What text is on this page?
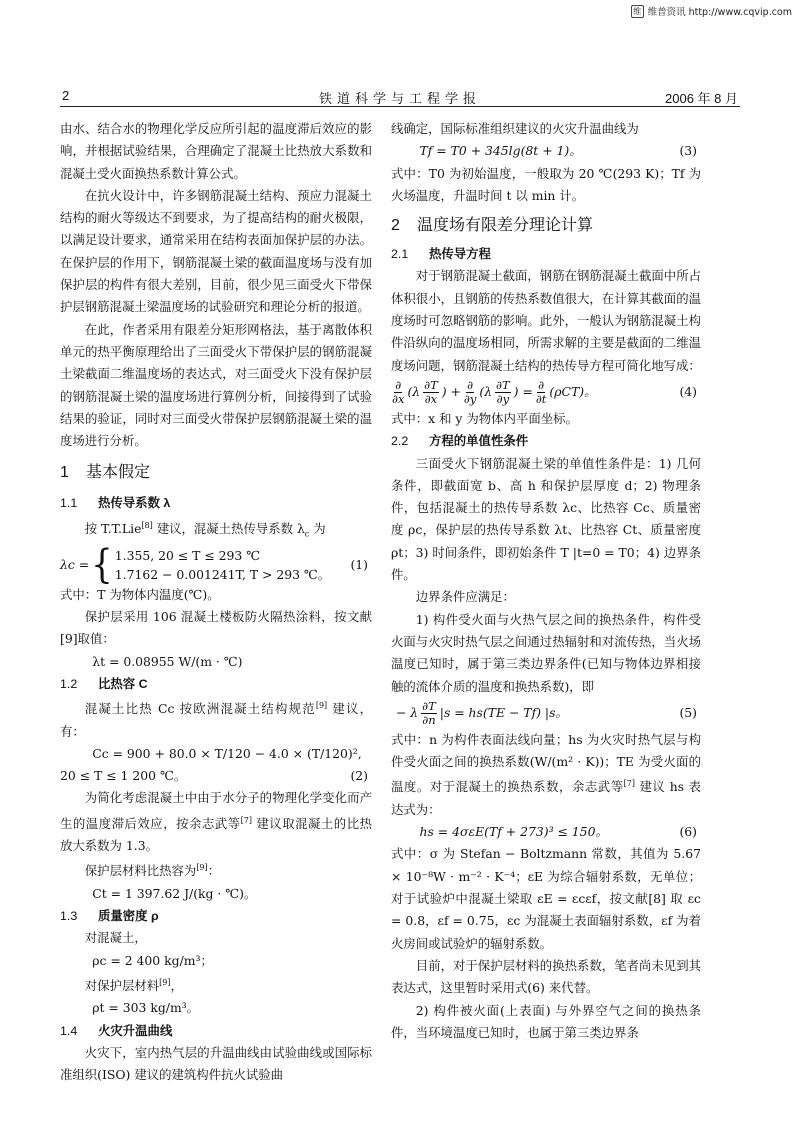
维 维普资讯 http://www.cqvip.com
2	铁道科学与工程学报	2006 年 8 月

由水、结合水的物理化学反应所引起的温度滞后效应的影响，并根据试验结果，合理确定了混凝土比热放大系数和混凝土受火面换热系数计算公式。

在抗火设计中，许多钢筋混凝土结构、预应力混凝土结构的耐火等级达不到要求，为了提高结构的耐火极限，以满足设计要求，通常采用在结构表面加保护层的办法。在保护层的作用下，钢筋混凝土梁的截面温度场与没有加保护层的构件有很大差别，目前，很少见三面受火下带保护层钢筋混凝土梁温度场的试验研究和理论分析的报道。

在此，作者采用有限差分矩形网格法，基于离散体积单元的热平衡原理给出了三面受火下带保护层的钢筋混凝土梁截面二维温度场的表达式，对三面受火下没有保护层的钢筋混凝土梁的温度场进行算例分析，间接得到了试验结果的验证，同时对三面受火带保护层钢筋混凝土梁的温度场进行分析。

1 基本假定
1.1 热传导系数 λ

按 T.T.Lie[8] 建议，混凝土热传导系数 $\lambda_c$ 为

λc = { 1.355, 20 ≤ T ≤ 293 ℃
1.7162 − 0.001241T, T > 293 ℃。
(1)

式中：T 为物体内温度(℃)。

保护层采用 106 混凝土楼板防火隔热涂料，按文献[9]取值：

λt = 0.08955 W/(m · ℃)

1.2 比热容 C

混凝土比热 Cc 按欧洲混凝土结构规范[9] 建议，有：

Cc = 900 + 80.0 × T/120 − 4.0 × (T/120)²,

20 ≤ T ≤ 1 200 ℃。	(2)

为简化考虑混凝土中由于水分子的物理化学变化而产生的温度滞后效应，按余志武等[7] 建议取混凝土的比热放大系数为 1.3。

保护层材料比热容为[9]：

Ct = 1 397.62 J/(kg · ℃)。

1.3 质量密度 ρ

对混凝土，

ρc = 2 400 kg/m³；

对保护层材料[9]，

ρt = 303 kg/m³。

1.4 火灾升温曲线

火灾下，室内热气层的升温曲线由试验曲线或国际标准组织(ISO) 建议的建筑构件抗火试验曲

线确定，国际标准组织建议的火灾升温曲线为

Tf = T0 + 345lg(8t + 1)。	(3)

式中：T0 为初始温度，一般取为 20 ℃(293 K)；Tf 为火场温度，升温时间 t 以 min 计。

2 温度场有限差分理论计算
2.1 热传导方程

对于钢筋混凝土截面，钢筋在钢筋混凝土截面中所占体积很小，且钢筋的传热系数值很大，在计算其截面的温度场时可忽略钢筋的影响。此外，一般认为钢筋混凝土构件沿纵向的温度场相同，所需求解的主要是截面的二维温度场问题，钢筋混凝土结构的热传导方程可简化地写成：

$\frac{\partial}{\partial x} (\lambda \frac{\partial T}{\partial x}$ ) + $\frac{\partial}{\partial y} (\lambda \frac{\partial T}{\partial y}$ ) = $\frac{\partial}{\partial t} (\rho CT)$。	(4)

式中：x 和 y 为物体内平面坐标。

2.2 方程的单值性条件

三面受火下钢筋混凝土梁的单值性条件是：1) 几何条件，即截面宽 b、高 h 和保护层厚度 d；2) 物理条件，包括混凝土的热传导系数 λc、比热容 Cc、质量密度 ρc，保护层的热传导系数 λt、比热容 Ct、质量密度 ρt；3) 时间条件，即初始条件 T |t=0 = T0；4) 边界条件。

边界条件应满足：

1) 构件受火面与火热气层之间的换热条件，构件受火面与火灾时热气层之间通过热辐射和对流传热，当火场温度已知时，属于第三类边界条件(已知与物体边界相接触的流体介质的温度和换热系数)，即

− λ $\frac{\partial T}{\partial n} |s = hs(TE - Tf)$ |s。	(5)

式中：n 为构件表面法线向量；hs 为火灾时热气层与构件受火面之间的换热系数(W/(m² · K))；TE 为受火面的温度。对于混凝土的换热系数，余志武等[7] 建议 hs 表达式为：

hs = 4σεE(Tf + 273)³ ≤ 150。	(6)

式中：σ 为 Stefan − Boltzmann 常数，其值为 5.67 × 10⁻⁸W · m⁻² · K⁻⁴；εE 为综合辐射系数，无单位；对于试验炉中混凝土梁取 εE = εcεf，按文献[8] 取 εc = 0.8，εf = 0.75，εc 为混凝土表面辐射系数，εf 为着火房间或试验炉的辐射系数。

目前，对于保护层材料的换热系数，笔者尚未见到其表达式，这里暂时采用式(6) 来代替。

2) 构件被火面(上表面) 与外界空气之间的换热条件，当环境温度已知时，也属于第三类边界条
